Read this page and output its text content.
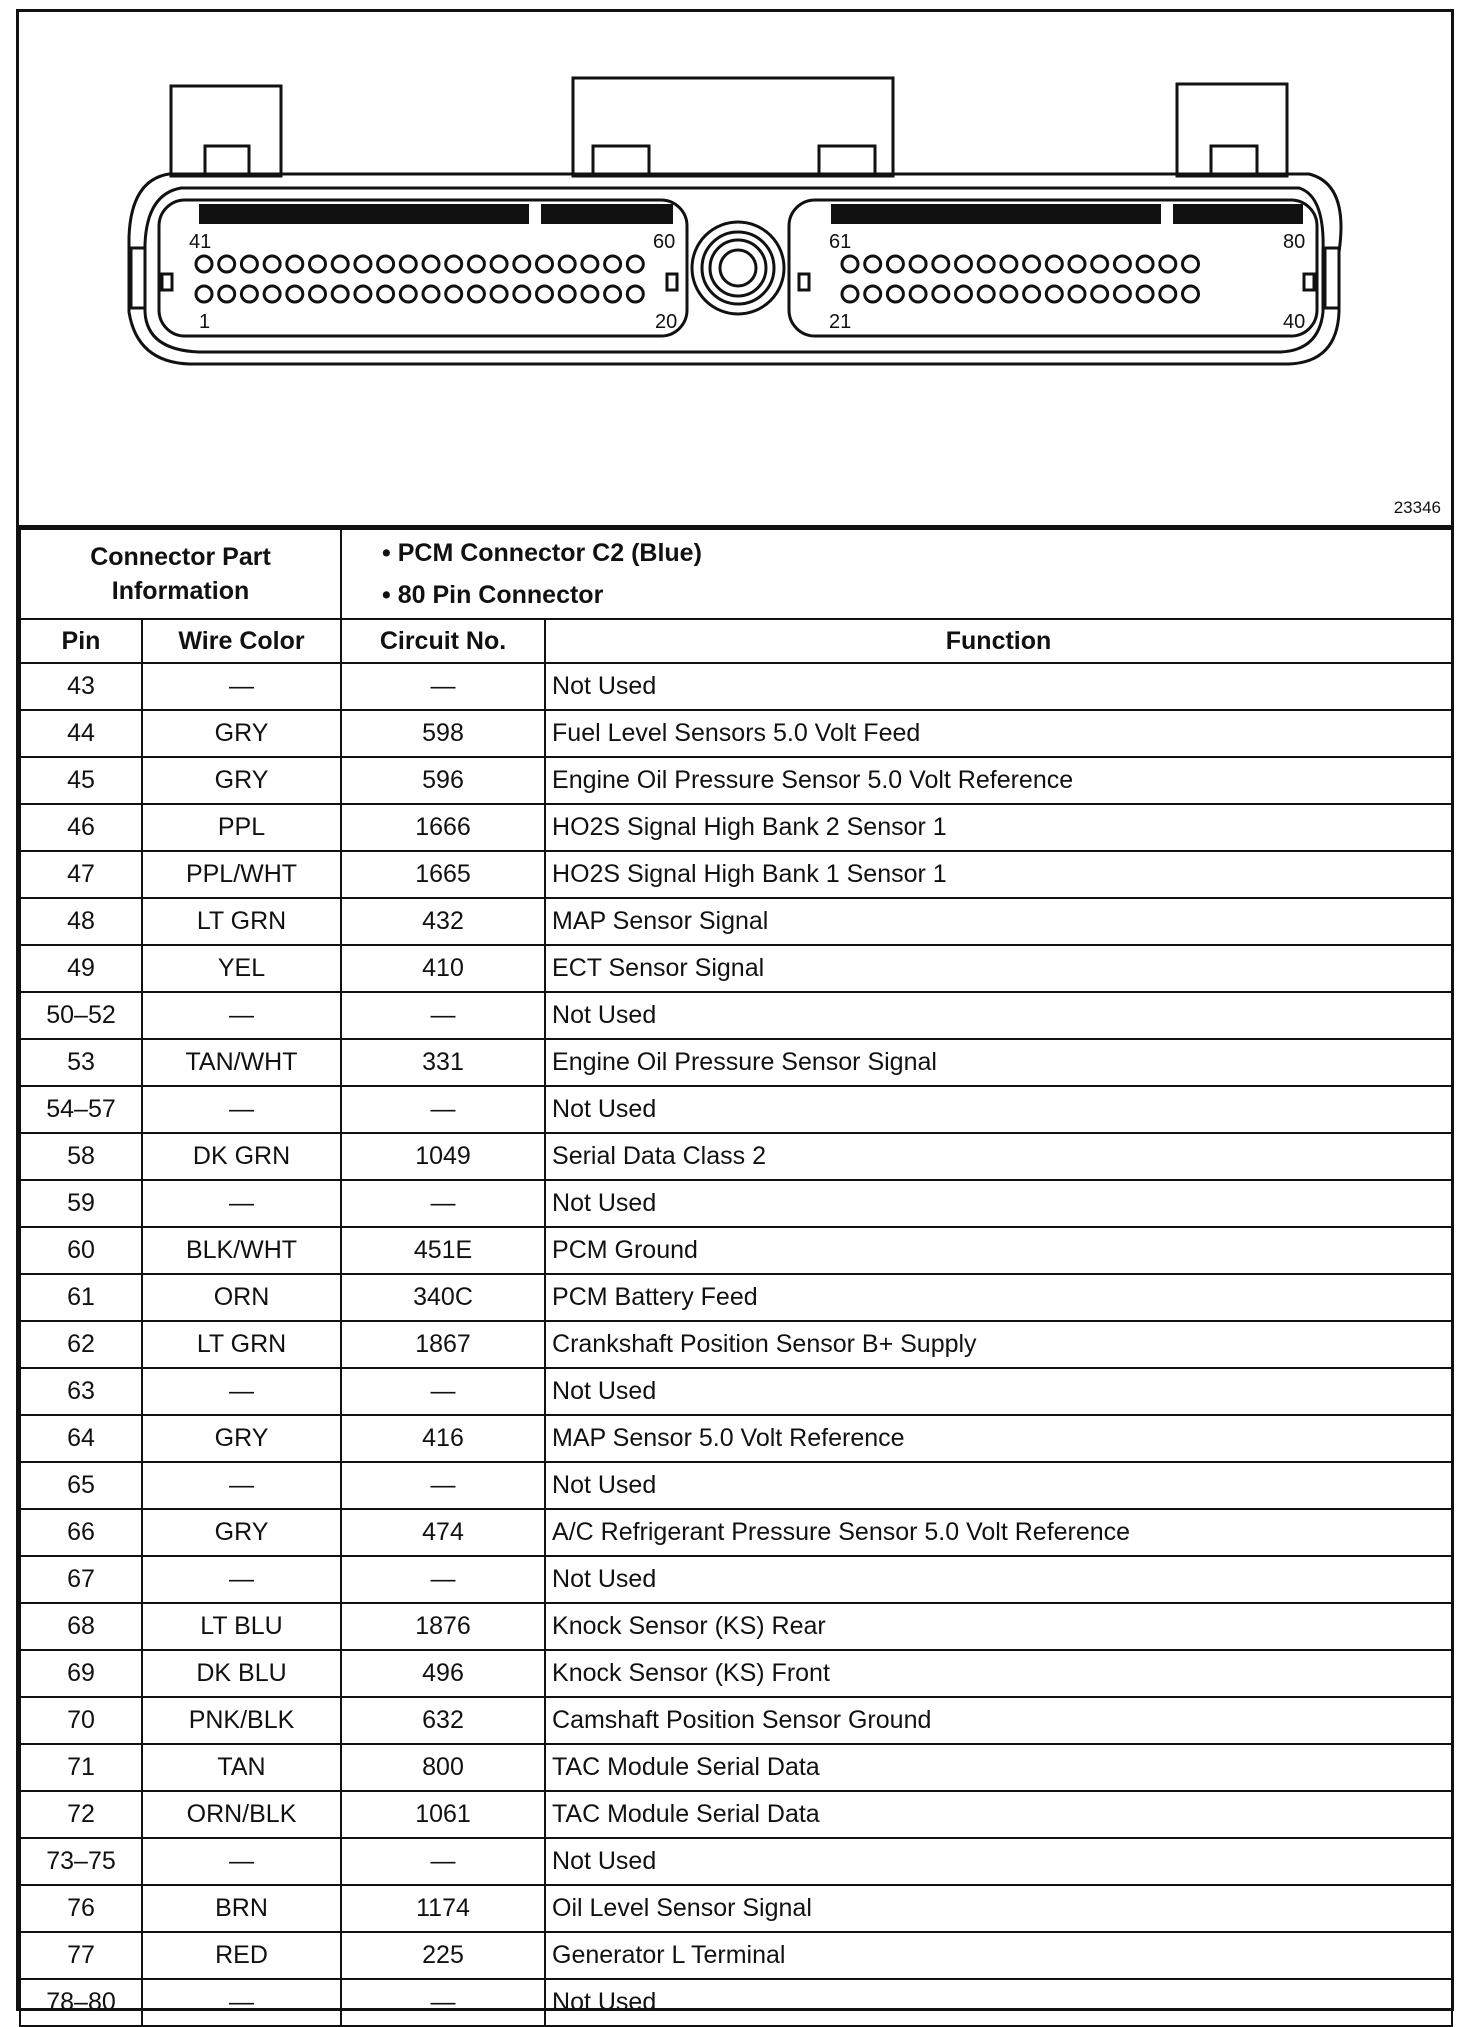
41	60
1	20
61	80
21	40
23346
Connector Part Information		• PCM Connector C2 (Blue)
• 80 Pin Connector	

Pin	Wire Color	Circuit No.	Function
43	—	—	Not Used
44	GRY	598	Fuel Level Sensors 5.0 Volt Feed
45	GRY	596	Engine Oil Pressure Sensor 5.0 Volt Reference
46	PPL	1666	HO2S Signal High Bank 2 Sensor 1
47	PPL/WHT	1665	HO2S Signal High Bank 1 Sensor 1
48	LT GRN	432	MAP Sensor Signal
49	YEL	410	ECT Sensor Signal
50–52	—	—	Not Used
53	TAN/WHT	331	Engine Oil Pressure Sensor Signal
54–57	—	—	Not Used
58	DK GRN	1049	Serial Data Class 2
59	—	—	Not Used
60	BLK/WHT	451E	PCM Ground
61	ORN	340C	PCM Battery Feed
62	LT GRN	1867	Crankshaft Position Sensor B+ Supply
63	—	—	Not Used
64	GRY	416	MAP Sensor 5.0 Volt Reference
65	—	—	Not Used
66	GRY	474	A/C Refrigerant Pressure Sensor 5.0 Volt Reference
67	—	—	Not Used
68	LT BLU	1876	Knock Sensor (KS) Rear
69	DK BLU	496	Knock Sensor (KS) Front
70	PNK/BLK	632	Camshaft Position Sensor Ground
71	TAN	800	TAC Module Serial Data
72	ORN/BLK	1061	TAC Module Serial Data
73–75	—	—	Not Used
76	BRN	1174	Oil Level Sensor Signal
77	RED	225	Generator L Terminal
78–80	—	—	Not Used
